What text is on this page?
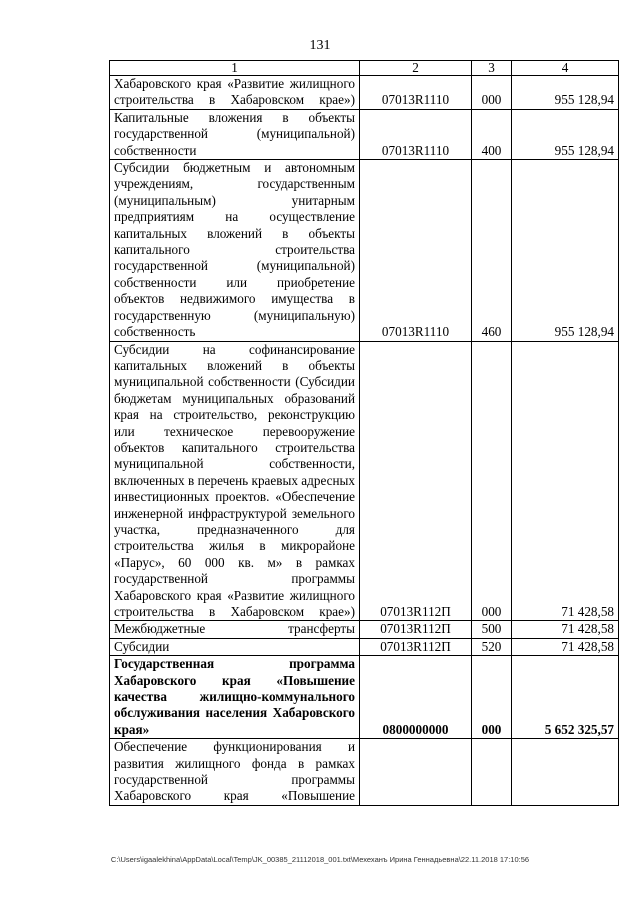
131
1	2	3	4
Хабаровского края «Развитие жилищного строительства в Хабаровском крае»)	07013R1110	000	955 128,94
Капитальные вложения в объекты государственной (муниципальной) собственности	07013R1110	400	955 128,94
Субсидии бюджетным и автономным учреждениям, государственным (муниципальным) унитарным предприятиям на осуществление капитальных вложений в объекты капитального строительства государственной (муниципальной) собственности или приобретение объектов недвижимого имущества в государственную (муниципальную) собственность	07013R1110	460	955 128,94
Субсидии на софинансирование капитальных вложений в объекты муниципальной собственности (Субсидии бюджетам муниципальных образований края на строительство, реконструкцию или техническое перевооружение объектов капитального строительства муниципальной собственности, включенных в перечень краевых адресных инвестиционных проектов. «Обеспечение инженерной инфраструктурой земельного участка, предназначенного для строительства жилья в микрорайоне «Парус», 60 000 кв. м» в рамках государственной программы Хабаровского края «Развитие жилищного строительства в Хабаровском крае»)	07013R112П	000	71 428,58
Межбюджетные трансферты	07013R112П	500	71 428,58
Субсидии	07013R112П	520	71 428,58
Государственная программа Хабаровского края «Повышение качества жилищно-коммунального обслуживания населения Хабаровского края»	0800000000	000	5 652 325,57
Обеспечение функционирования и развития жилищного фонда в рамках государственной программы Хабаровского края «Повышение			
C:\Users\igaalekhina\AppData\Local\Temp\JK_00385_21112018_001.txt\Мехеханъ Ирина Геннадьевна\22.11.2018 17:10:56
